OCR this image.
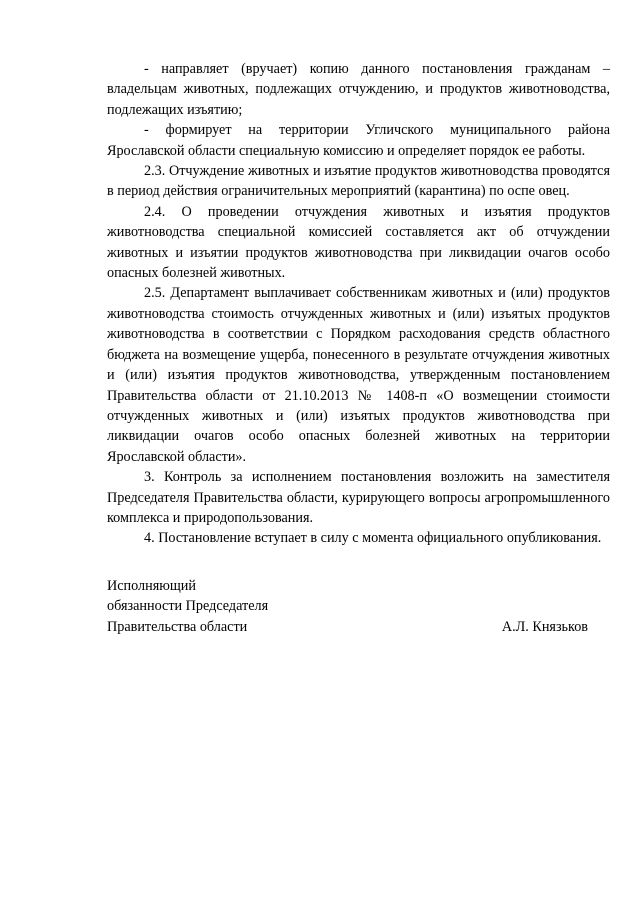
- направляет (вручает) копию данного постановления гражданам – владельцам животных, подлежащих отчуждению, и продуктов животноводства, подлежащих изъятию;

- формирует на территории Угличского муниципального района Ярославской области специальную комиссию и определяет порядок ее работы.

2.3. Отчуждение животных и изъятие продуктов животноводства проводятся в период действия ограничительных мероприятий (карантина) по оспе овец.

2.4. О проведении отчуждения животных и изъятия продуктов животноводства специальной комиссией составляется акт об отчуждении животных и изъятии продуктов животноводства при ликвидации очагов особо опасных болезней животных.

2.5. Департамент выплачивает собственникам животных и (или) продуктов животноводства стоимость отчужденных животных и (или) изъятых продуктов животноводства в соответствии с Порядком расходования средств областного бюджета на возмещение ущерба, понесенного в результате отчуждения животных и (или) изъятия продуктов животноводства, утвержденным постановлением Правительства области от 21.10.2013 № 1408-п «О возмещении стоимости отчужденных животных и (или) изъятых продуктов животноводства при ликвидации очагов особо опасных болезней животных на территории Ярославской области».

3. Контроль за исполнением постановления возложить на заместителя Председателя Правительства области, курирующего вопросы агропромышленного комплекса и природопользования.

4. Постановление вступает в силу с момента официального опубликования.

Исполняющий
обязанности Председателя
Правительства области	А.Л. Князьков
